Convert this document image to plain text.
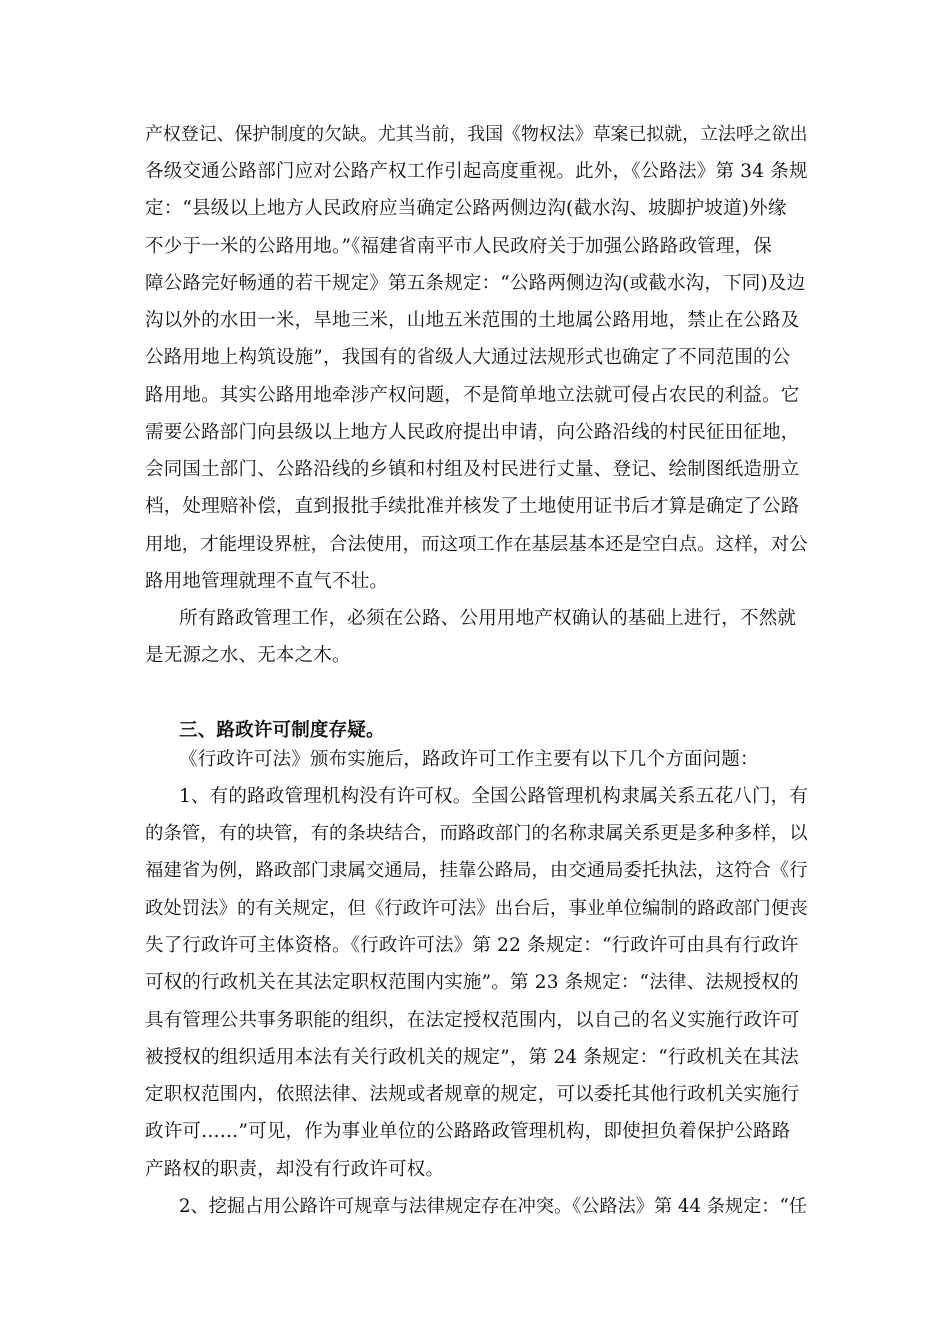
产权登记、保护制度的欠缺。尤其当前，我国《物权法》草案已拟就，立法呼之欲出
各级交通公路部门应对公路产权工作引起高度重视。此外，《公路法》第 34 条规
定：“县级以上地方人民政府应当确定公路两侧边沟(截水沟、坡脚护坡道)外缘
不少于一米的公路用地。”《福建省南平市人民政府关于加强公路路政管理，保
障公路完好畅通的若干规定》第五条规定：“公路两侧边沟(或截水沟，下同)及边
沟以外的水田一米，旱地三米，山地五米范围的土地属公路用地，禁止在公路及
公路用地上构筑设施”，我国有的省级人大通过法规形式也确定了不同范围的公
路用地。其实公路用地牵涉产权问题，不是简单地立法就可侵占农民的利益。它
需要公路部门向县级以上地方人民政府提出申请，向公路沿线的村民征田征地，
会同国土部门、公路沿线的乡镇和村组及村民进行丈量、登记、绘制图纸造册立
档，处理赔补偿，直到报批手续批准并核发了土地使用证书后才算是确定了公路
用地，才能埋设界桩，合法使用，而这项工作在基层基本还是空白点。这样，对公
路用地管理就理不直气不壮。
所有路政管理工作，必须在公路、公用用地产权确认的基础上进行，不然就
是无源之水、无本之木。
三、路政许可制度存疑。
《行政许可法》颁布实施后，路政许可工作主要有以下几个方面问题：
1、有的路政管理机构没有许可权。全国公路管理机构隶属关系五花八门，有
的条管，有的块管，有的条块结合，而路政部门的名称隶属关系更是多种多样，以
福建省为例，路政部门隶属交通局，挂靠公路局，由交通局委托执法，这符合《行
政处罚法》的有关规定，但《行政许可法》出台后，事业单位编制的路政部门便丧
失了行政许可主体资格。《行政许可法》第 22 条规定：“行政许可由具有行政许
可权的行政机关在其法定职权范围内实施”。第 23 条规定：“法律、法规授权的
具有管理公共事务职能的组织，在法定授权范围内，以自己的名义实施行政许可
被授权的组织适用本法有关行政机关的规定”，第 24 条规定：“行政机关在其法
定职权范围内，依照法律、法规或者规章的规定，可以委托其他行政机关实施行
政许可……”可见，作为事业单位的公路路政管理机构，即使担负着保护公路路
产路权的职责，却没有行政许可权。
2、挖掘占用公路许可规章与法律规定存在冲突。《公路法》第 44 条规定：“任
